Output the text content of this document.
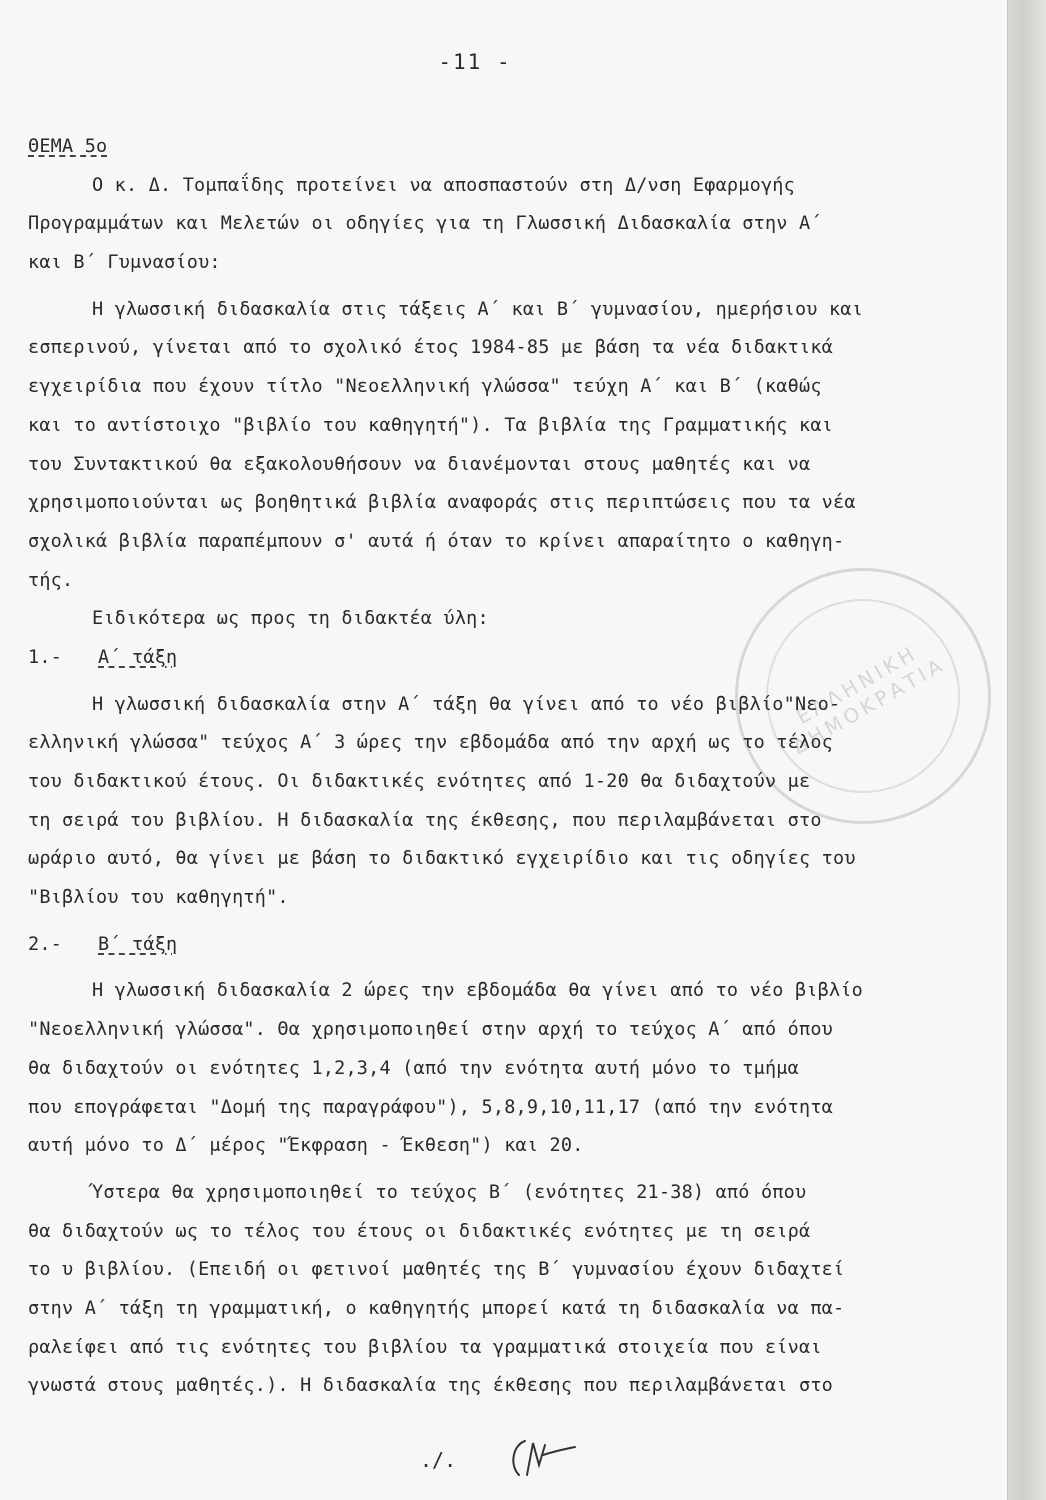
-11 -
ΕΛΛΗΝΙΚΗ ΔΗΜΟΚΡΑΤΙΑ
ΘΕΜΑ 5ο
Ο κ. Δ. Τομπαΐδης προτείνει να αποσπαστούν στη Δ/νση Εφαρμογής
Προγραμμάτων και Μελετών οι οδηγίες για τη Γλωσσική Διδασκαλία στην Α΄
και Β΄ Γυμνασίου:
Η γλωσσική διδασκαλία στις τάξεις Α΄ και Β΄ γυμνασίου, ημερήσιου και
εσπερινού, γίνεται από το σχολικό έτος 1984-85 με βάση τα νέα διδακτικά
εγχειρίδια που έχουν τίτλο "Νεοελληνική γλώσσα" τεύχη Α΄ και Β΄ (καθώς
και το αντίστοιχο "βιβλίο του καθηγητή"). Τα βιβλία της Γραμματικής και
του Συντακτικού θα εξακολουθήσουν να διανέμονται στους μαθητές και να
χρησιμοποιούνται ως βοηθητικά βιβλία αναφοράς στις περιπτώσεις που τα νέα
σχολικά βιβλία παραπέμπουν σ' αυτά ή όταν το κρίνει απαραίτητο ο καθηγη-
τής.
Ειδικότερα ως προς τη διδακτέα ύλη:
1.- Α΄ τάξη
Η γλωσσική διδασκαλία στην Α΄ τάξη θα γίνει από το νέο βιβλίο"Νεο-
ελληνική γλώσσα" τεύχος Α΄ 3 ώρες την εβδομάδα από την αρχή ως το τέλος
του διδακτικού έτους. Οι διδακτικές ενότητες από 1-20 θα διδαχτούν με
τη σειρά του βιβλίου. Η διδασκαλία της έκθεσης, που περιλαμβάνεται στο
ωράριο αυτό, θα γίνει με βάση το διδακτικό εγχειρίδιο και τις οδηγίες του
"Βιβλίου του καθηγητή".
2.- Β΄ τάξη
Η γλωσσική διδασκαλία 2 ώρες την εβδομάδα θα γίνει από το νέο βιβλίο
"Νεοελληνική γλώσσα". Θα χρησιμοποιηθεί στην αρχή το τεύχος Α΄ από όπου
θα διδαχτούν οι ενότητες 1,2,3,4 (από την ενότητα αυτή μόνο το τμήμα
που επογράφεται "Δομή της παραγράφου"), 5,8,9,10,11,17 (από την ενότητα
αυτή μόνο το Δ΄ μέρος "Έκφραση - Έκθεση") και 20.
Ύστερα θα χρησιμοποιηθεί το τεύχος Β΄ (ενότητες 21-38) από όπου
θα διδαχτούν ως το τέλος του έτους οι διδακτικές ενότητες με τη σειρά
το υ βιβλίου. (Επειδή οι φετινοί μαθητές της Β΄ γυμνασίου έχουν διδαχτεί
στην Α΄ τάξη τη γραμματική, ο καθηγητής μπορεί κατά τη διδασκαλία να πα-
ραλείφει από τις ενότητες του βιβλίου τα γραμματικά στοιχεία που είναι
γνωστά στους μαθητές.). Η διδασκαλία της έκθεσης που περιλαμβάνεται στο
./.
